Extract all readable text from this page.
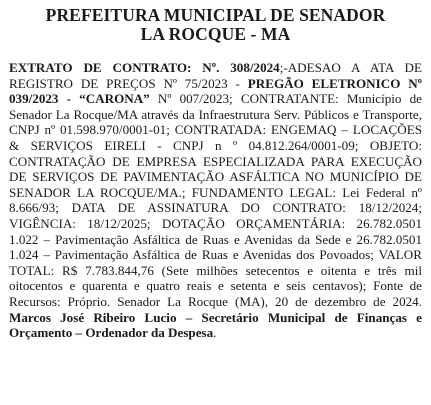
PREFEITURA MUNICIPAL DE SENADOR
LA ROCQUE - MA

EXTRATO DE CONTRATO: Nº. 308/2024;-ADESAO A ATA DE REGISTRO DE PREÇOS Nº 75/2023 - PREGÃO ELETRONICO Nº 039/2023 - “CARONA” Nº 007/2023; CONTRATANTE: Município de Senador La Rocque/MA através da Infraestrutura Serv. Públicos e Transporte, CNPJ nº 01.598.970/0001-01; CONTRATADA: ENGEMAQ – LOCAÇÕES & SERVIÇOS EIRELI - CNPJ n º 04.812.264/0001-09; OBJETO: CONTRATAÇÃO DE EMPRESA ESPECIALIZADA PARA EXECUÇÃO DE SERVIÇOS DE PAVIMENTAÇÃO ASFÁLTICA NO MUNICÍPIO DE SENADOR LA ROCQUE/MA.; FUNDAMENTO LEGAL: Lei Federal nº 8.666/93; DATA DE ASSINATURA DO CONTRATO: 18/12/2024; VIGÊNCIA: 18/12/2025; DOTAÇÃO ORÇAMENTÁRIA: 26.782.0501 1.022 – Pavimentação Asfáltica de Ruas e Avenidas da Sede e 26.782.0501 1.024 – Pavimentação Asfáltica de Ruas e Avenidas dos Povoados; VALOR TOTAL: R$ 7.783.844,76 (Sete milhões setecentos e oitenta e três mil oitocentos e quarenta e quatro reais e setenta e seis centavos); Fonte de Recursos: Próprio. Senador La Rocque (MA), 20 de dezembro de 2024. Marcos José Ribeiro Lucio – Secretário Municipal de Finanças e Orçamento – Ordenador da Despesa.
